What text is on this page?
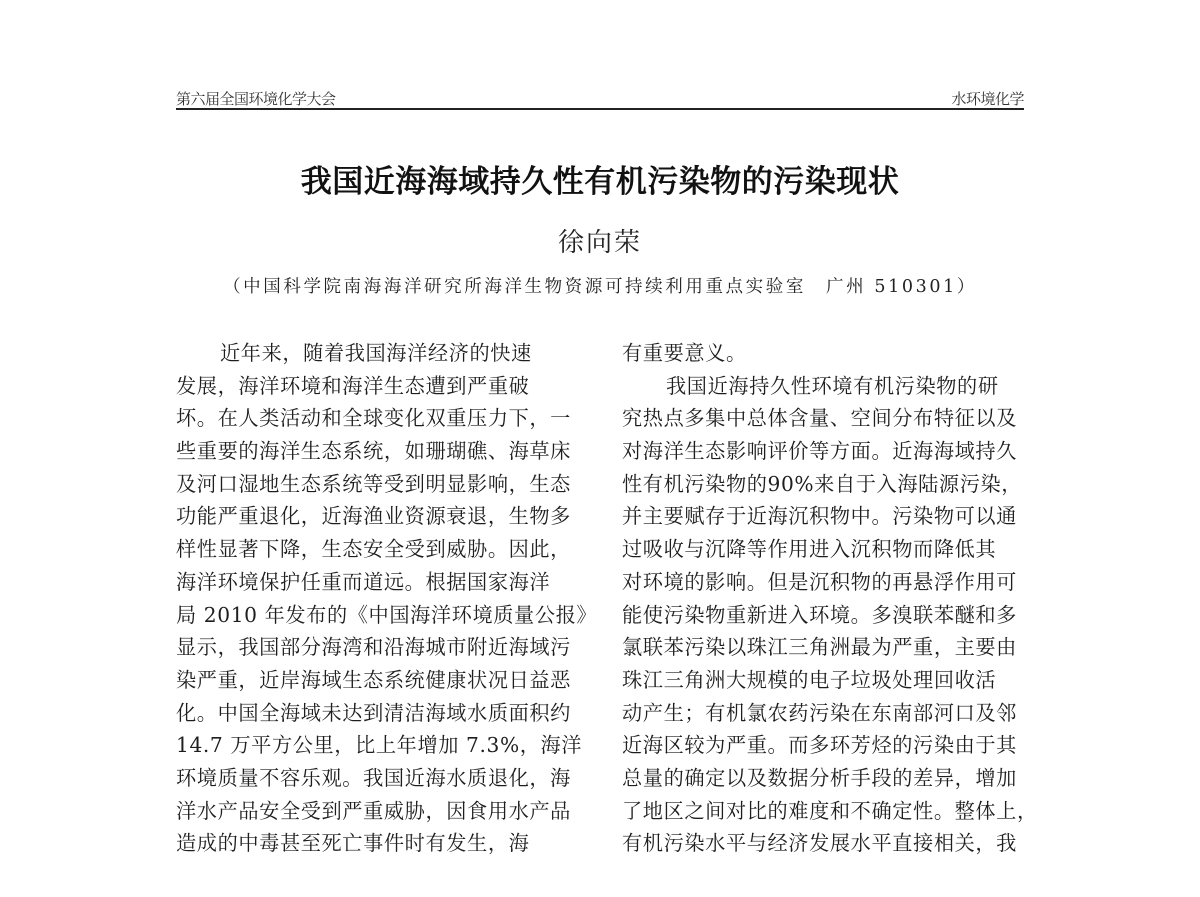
第六届全国环境化学大会	水环境化学
我国近海海域持久性有机污染物的污染现状
徐向荣
（中国科学院南海海洋研究所海洋生物资源可持续利用重点实验室　广州 510301）
近年来，随着我国海洋经济的快速
发展，海洋环境和海洋生态遭到严重破
坏。在人类活动和全球变化双重压力下，一
些重要的海洋生态系统，如珊瑚礁、海草床
及河口湿地生态系统等受到明显影响，生态
功能严重退化，近海渔业资源衰退，生物多
样性显著下降，生态安全受到威胁。因此，
海洋环境保护任重而道远。根据国家海洋
局 2010 年发布的《中国海洋环境质量公报》
显示，我国部分海湾和沿海城市附近海域污
染严重，近岸海域生态系统健康状况日益恶
化。中国全海域未达到清洁海域水质面积约
14.7 万平方公里，比上年增加 7.3%，海洋
环境质量不容乐观。我国近海水质退化，海
洋水产品安全受到严重威胁，因食用水产品
造成的中毒甚至死亡事件时有发生，海
有重要意义。
我国近海持久性环境有机污染物的研
究热点多集中总体含量、空间分布特征以及
对海洋生态影响评价等方面。近海海域持久
性有机污染物的90%来自于入海陆源污染，
并主要赋存于近海沉积物中。污染物可以通
过吸收与沉降等作用进入沉积物而降低其
对环境的影响。但是沉积物的再悬浮作用可
能使污染物重新进入环境。多溴联苯醚和多
氯联苯污染以珠江三角洲最为严重，主要由
珠江三角洲大规模的电子垃圾处理回收活
动产生；有机氯农药污染在东南部河口及邻
近海区较为严重。而多环芳烃的污染由于其
总量的确定以及数据分析手段的差异，增加
了地区之间对比的难度和不确定性。整体上，
有机污染水平与经济发展水平直接相关，我
